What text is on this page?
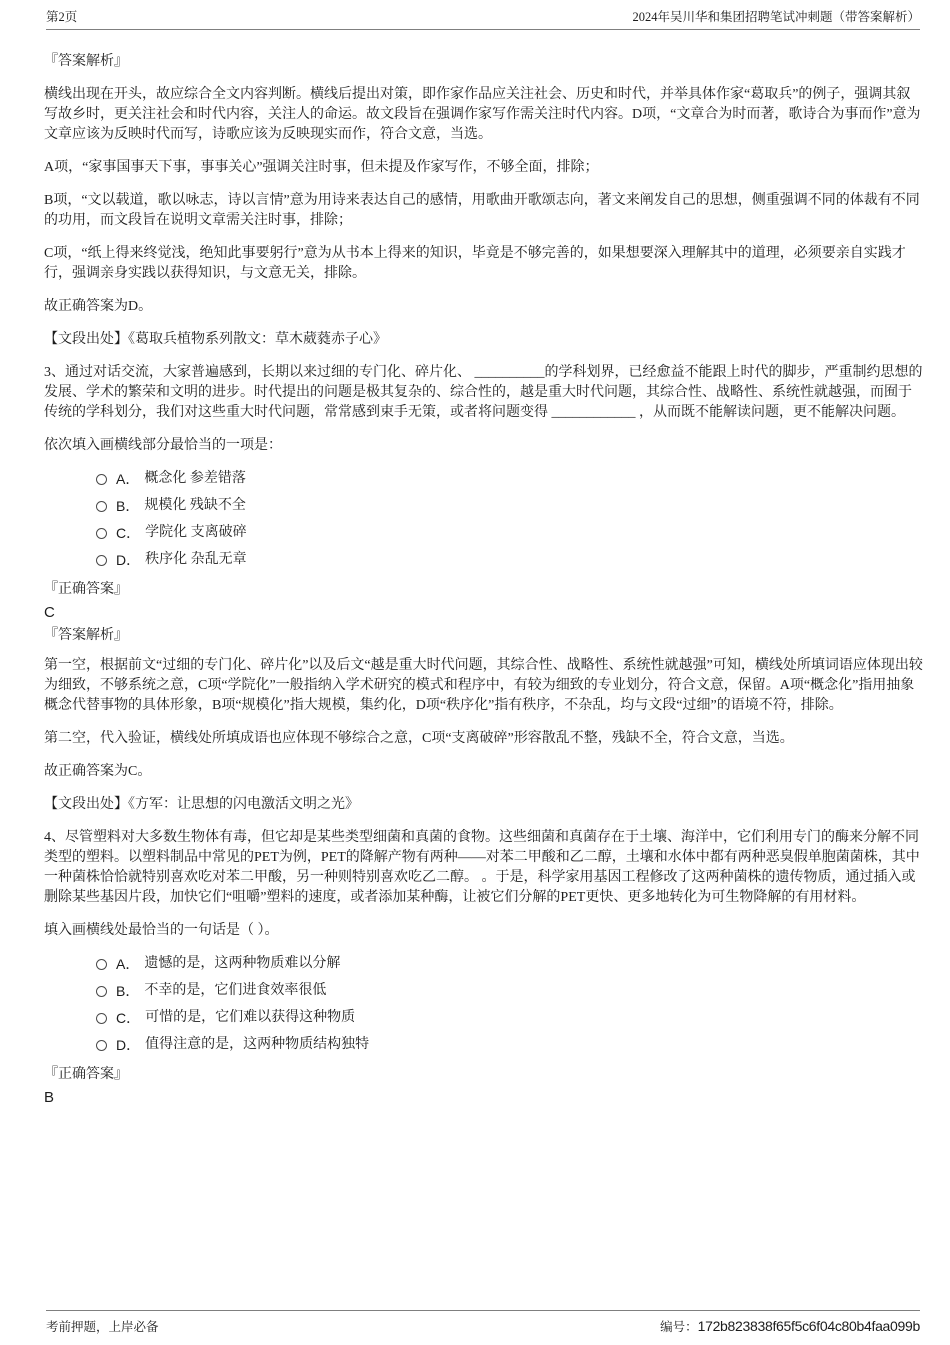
第2页	2024年吴川华和集团招聘笔试冲刺题（带答案解析）

『答案解析』

横线出现在开头，故应综合全文内容判断。横线后提出对策，即作家作品应关注社会、历史和时代，并举具体作家“葛取兵”的例子，强调其叙写故乡时，更关注社会和时代内容，关注人的命运。故文段旨在强调作家写作需关注时代内容。D项，“文章合为时而著，歌诗合为事而作”意为文章应该为反映时代而写，诗歌应该为反映现实而作，符合文意，当选。

A项，“家事国事天下事，事事关心”强调关注时事，但未提及作家写作，不够全面，排除；

B项，“文以载道，歌以咏志，诗以言情”意为用诗来表达自己的感情，用歌曲开歌颂志向，著文来阐发自己的思想，侧重强调不同的体裁有不同的功用，而文段旨在说明文章需关注时事，排除；

C项，“纸上得来终觉浅，绝知此事要躬行”意为从书本上得来的知识，毕竟是不够完善的，如果想要深入理解其中的道理，必须要亲自实践才行，强调亲身实践以获得知识，与文意无关，排除。

故正确答案为D。

【文段出处】《葛取兵植物系列散文：草木葳蕤赤子心》

3、通过对话交流，大家普遍感到，长期以来过细的专门化、碎片化、 __________的学科划界，已经愈益不能跟上时代的脚步，严重制约思想的发展、学术的繁荣和文明的进步。时代提出的问题是极其复杂的、综合性的，越是重大时代问题，其综合性、战略性、系统性就越强，而囿于传统的学科划分，我们对这些重大时代问题，常常感到束手无策，或者将问题变得 ____________ ，从而既不能解读问题，更不能解决问题。

依次填入画横线部分最恰当的一项是：

A． 概念化 参差错落
B． 规模化 残缺不全
C． 学院化 支离破碎
D． 秩序化 杂乱无章

『正确答案』

C

『答案解析』

第一空，根据前文“过细的专门化、碎片化”以及后文“越是重大时代问题，其综合性、战略性、系统性就越强”可知，横线处所填词语应体现出较为细致，不够系统之意，C项“学院化”一般指纳入学术研究的模式和程序中，有较为细致的专业划分，符合文意，保留。A项“概念化”指用抽象概念代替事物的具体形象，B项“规模化”指大规模，集约化，D项“秩序化”指有秩序，不杂乱，均与文段“过细”的语境不符，排除。

第二空，代入验证，横线处所填成语也应体现不够综合之意，C项“支离破碎”形容散乱不整，残缺不全，符合文意，当选。

故正确答案为C。

【文段出处】《方军：让思想的闪电激活文明之光》

4、尽管塑料对大多数生物体有毒，但它却是某些类型细菌和真菌的食物。这些细菌和真菌存在于土壤、海洋中，它们利用专门的酶来分解不同类型的塑料。以塑料制品中常见的PET为例，PET的降解产物有两种——对苯二甲酸和乙二醇，土壤和水体中都有两种恶臭假单胞菌菌株，其中一种菌株恰恰就特别喜欢吃对苯二甲酸，另一种则特别喜欢吃乙二醇。 。于是，科学家用基因工程修改了这两种菌株的遗传物质，通过插入或删除某些基因片段，加快它们“咀嚼”塑料的速度，或者添加某种酶，让被它们分解的PET更快、更多地转化为可生物降解的有用材料。

填入画横线处最恰当的一句话是（ ）。

A． 遗憾的是，这两种物质难以分解
B． 不幸的是，它们进食效率很低
C． 可惜的是，它们难以获得这种物质
D． 值得注意的是，这两种物质结构独特

『正确答案』

B

考前押题，上岸必备	编号：172b823838f65f5c6f04c80b4faa099b
